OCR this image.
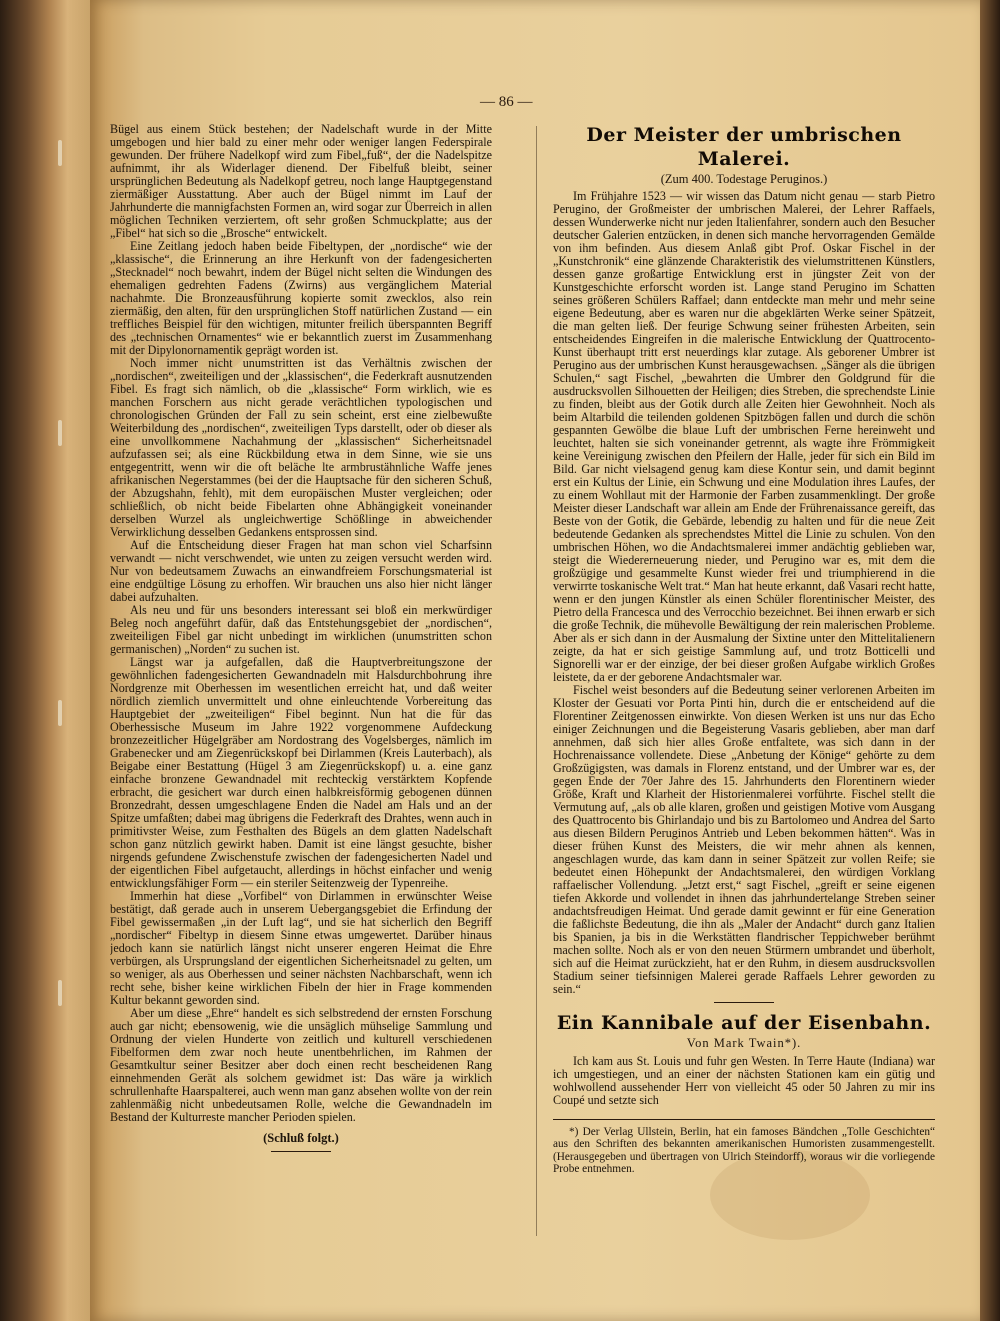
— 86 —

Bügel aus einem Stück bestehen; der Nadelschaft wurde in der Mitte umgebogen und hier bald zu einer mehr oder weniger langen Federspirale gewunden. Der frühere Nadelkopf wird zum Fibel„fuß“, der die Nadelspitze aufnimmt, ihr als Widerlager dienend. Der Fibelfuß bleibt, seiner ursprünglichen Bedeutung als Nadelkopf getreu, noch lange Hauptgegenstand ziermäßiger Ausstattung. Aber auch der Bügel nimmt im Lauf der Jahrhunderte die mannigfachsten Formen an, wird sogar zur Überreich in allen möglichen Techniken verziertem, oft sehr großen Schmuckplatte; aus der „Fibel“ hat sich so die „Brosche“ entwickelt.

Eine Zeitlang jedoch haben beide Fibeltypen, der „nordische“ wie der „klassische“, die Erinnerung an ihre Herkunft von der fadengesicherten „Stecknadel“ noch bewahrt, indem der Bügel nicht selten die Windungen des ehemaligen gedrehten Fadens (Zwirns) aus vergänglichem Material nachahmte. Die Bronzeausführung kopierte somit zwecklos, also rein ziermäßig, den alten, für den ursprünglichen Stoff natürlichen Zustand — ein treffliches Beispiel für den wichtigen, mitunter freilich überspannten Begriff des „technischen Ornamentes“ wie er bekanntlich zuerst im Zusammenhang mit der Dipylonornamentik geprägt worden ist.

Noch immer nicht unumstritten ist das Verhältnis zwischen der „nordischen“, zweiteiligen und der „klassischen“, die Federkraft ausnutzenden Fibel. Es fragt sich nämlich, ob die „klassische“ Form wirklich, wie es manchen Forschern aus nicht gerade verächtlichen typologischen und chronologischen Gründen der Fall zu sein scheint, erst eine zielbewußte Weiterbildung des „nordischen“, zweiteiligen Typs darstellt, oder ob dieser als eine unvollkommene Nachahmung der „klassischen“ Sicherheitsnadel aufzufassen sei; als eine Rückbildung etwa in dem Sinne, wie sie uns entgegentritt, wenn wir die oft beläche lte armbrustähnliche Waffe jenes afrikanischen Negerstammes (bei der die Hauptsache für den sicheren Schuß, der Abzugshahn, fehlt), mit dem europäischen Muster vergleichen; oder schließlich, ob nicht beide Fibelarten ohne Abhängigkeit voneinander derselben Wurzel als ungleichwertige Schößlinge in abweichender Verwirklichung desselben Gedankens entsprossen sind.

Auf die Entscheidung dieser Fragen hat man schon viel Scharfsinn verwandt — nicht verschwendet, wie unten zu zeigen versucht werden wird. Nur von bedeutsamem Zuwachs an einwandfreiem Forschungsmaterial ist eine endgültige Lösung zu erhoffen. Wir brauchen uns also hier nicht länger dabei aufzuhalten.

Als neu und für uns besonders interessant sei bloß ein merkwürdiger Beleg noch angeführt dafür, daß das Entstehungsgebiet der „nordischen“, zweiteiligen Fibel gar nicht unbedingt im wirklichen (unumstritten schon germanischen) „Norden“ zu suchen ist.

Längst war ja aufgefallen, daß die Hauptverbreitungszone der gewöhnlichen fadengesicherten Gewandnadeln mit Halsdurchbohrung ihre Nordgrenze mit Oberhessen im wesentlichen erreicht hat, und daß weiter nördlich ziemlich unvermittelt und ohne einleuchtende Vorbereitung das Hauptgebiet der „zweiteiligen“ Fibel beginnt. Nun hat die für das Oberhessische Museum im Jahre 1922 vorgenommene Aufdeckung bronzezeitlicher Hügelgräber am Nordostrang des Vogelsberges, nämlich im Grabenecker und am Ziegenrückskopf bei Dirlammen (Kreis Lauterbach), als Beigabe einer Bestattung (Hügel 3 am Ziegenrückskopf) u. a. eine ganz einfache bronzene Gewandnadel mit rechteckig verstärktem Kopfende erbracht, die gesichert war durch einen halbkreisförmig gebogenen dünnen Bronzedraht, dessen umgeschlagene Enden die Nadel am Hals und an der Spitze umfaßten; dabei mag übrigens die Federkraft des Drahtes, wenn auch in primitivster Weise, zum Festhalten des Bügels an dem glatten Nadelschaft schon ganz nützlich gewirkt haben. Damit ist eine längst gesuchte, bisher nirgends gefundene Zwischenstufe zwischen der fadengesicherten Nadel und der eigentlichen Fibel aufgetaucht, allerdings in höchst einfacher und wenig entwicklungsfähiger Form — ein steriler Seitenzweig der Typenreihe.

Immerhin hat diese „Vorfibel“ von Dirlammen in erwünschter Weise bestätigt, daß gerade auch in unserem Uebergangsgebiet die Erfindung der Fibel gewissermaßen „in der Luft lag“, und sie hat sicherlich den Begriff „nordischer“ Fibeltyp in diesem Sinne etwas umgewertet. Darüber hinaus jedoch kann sie natürlich längst nicht unserer engeren Heimat die Ehre verbürgen, als Ursprungsland der eigentlichen Sicherheitsnadel zu gelten, um so weniger, als aus Oberhessen und seiner nächsten Nachbarschaft, wenn ich recht sehe, bisher keine wirklichen Fibeln der hier in Frage kommenden Kultur bekannt geworden sind.

Aber um diese „Ehre“ handelt es sich selbstredend der ernsten Forschung auch gar nicht; ebensowenig, wie die unsäglich mühselige Sammlung und Ordnung der vielen Hunderte von zeitlich und kulturell verschiedenen Fibelformen dem zwar noch heute unentbehrlichen, im Rahmen der Gesamtkultur seiner Besitzer aber doch einen recht bescheidenen Rang einnehmenden Gerät als solchem gewidmet ist: Das wäre ja wirklich schrullenhafte Haarspalterei, auch wenn man ganz absehen wollte von der rein zahlenmäßig nicht unbedeutsamen Rolle, welche die Gewandnadeln im Bestand der Kulturreste mancher Perioden spielen.

(Schluß folgt.)
Der Meister der umbrischen Malerei.
(Zum 400. Todestage Peruginos.)

Im Frühjahre 1523 — wir wissen das Datum nicht genau — starb Pietro Perugino, der Großmeister der umbrischen Malerei, der Lehrer Raffaels, dessen Wunderwerke nicht nur jeden Italienfahrer, sondern auch den Besucher deutscher Galerien entzücken, in denen sich manche hervorragenden Gemälde von ihm befinden. Aus diesem Anlaß gibt Prof. Oskar Fischel in der „Kunstchronik“ eine glänzende Charakteristik des vielumstrittenen Künstlers, dessen ganze großartige Entwicklung erst in jüngster Zeit von der Kunstgeschichte erforscht worden ist. Lange stand Perugino im Schatten seines größeren Schülers Raffael; dann entdeckte man mehr und mehr seine eigene Bedeutung, aber es waren nur die abgeklärten Werke seiner Spätzeit, die man gelten ließ. Der feurige Schwung seiner frühesten Arbeiten, sein entscheidendes Eingreifen in die malerische Entwicklung der Quattrocento-Kunst überhaupt tritt erst neuerdings klar zutage. Als geborener Umbrer ist Perugino aus der umbrischen Kunst herausgewachsen. „Sänger als die übrigen Schulen,“ sagt Fischel, „bewahrten die Umbrer den Goldgrund für die ausdrucksvollen Silhouetten der Heiligen; dies Streben, die sprechendste Linie zu finden, bleibt aus der Gotik durch alle Zeiten hier Gewohnheit. Noch als beim Altarbild die teilenden goldenen Spitzbögen fallen und durch die schön gespannten Gewölbe die blaue Luft der umbrischen Ferne hereinweht und leuchtet, halten sie sich voneinander getrennt, als wagte ihre Frömmigkeit keine Vereinigung zwischen den Pfeilern der Halle, jeder für sich ein Bild im Bild. Gar nicht vielsagend genug kam diese Kontur sein, und damit beginnt erst ein Kultus der Linie, ein Schwung und eine Modulation ihres Laufes, der zu einem Wohllaut mit der Harmonie der Farben zusammenklingt. Der große Meister dieser Landschaft war allein am Ende der Frührenaissance gereift, das Beste von der Gotik, die Gebärde, lebendig zu halten und für die neue Zeit bedeutende Gedanken als sprechendstes Mittel die Linie zu schulen. Von den umbrischen Höhen, wo die Andachtsmalerei immer andächtig geblieben war, steigt die Wiedererneuerung nieder, und Perugino war es, mit dem die großzügige und gesammelte Kunst wieder frei und triumphierend in die verwirrte toskanische Welt trat.“ Man hat heute erkannt, daß Vasari recht hatte, wenn er den jungen Künstler als einen Schüler florentinischer Meister, des Pietro della Francesca und des Verrocchio bezeichnet. Bei ihnen erwarb er sich die große Technik, die mühevolle Bewältigung der rein malerischen Probleme. Aber als er sich dann in der Ausmalung der Sixtine unter den Mittelitalienern zeigte, da hat er sich geistige Sammlung auf, und trotz Botticelli und Signorelli war er der einzige, der bei dieser großen Aufgabe wirklich Großes leistete, da er der geborene Andachtsmaler war.

Fischel weist besonders auf die Bedeutung seiner verlorenen Arbeiten im Kloster der Gesuati vor Porta Pinti hin, durch die er entscheidend auf die Florentiner Zeitgenossen einwirkte. Von diesen Werken ist uns nur das Echo einiger Zeichnungen und die Begeisterung Vasaris geblieben, aber man darf annehmen, daß sich hier alles Große entfaltete, was sich dann in der Hochrenaissance vollendete. Diese „Anbetung der Könige“ gehörte zu dem Großzügigsten, was damals in Florenz entstand, und der Umbrer war es, der gegen Ende der 70er Jahre des 15. Jahrhunderts den Florentinern wieder Größe, Kraft und Klarheit der Historienmalerei vorführte. Fischel stellt die Vermutung auf, „als ob alle klaren, großen und geistigen Motive vom Ausgang des Quattrocento bis Ghirlandajo und bis zu Bartolomeo und Andrea del Sarto aus diesen Bildern Peruginos Antrieb und Leben bekommen hätten“. Was in dieser frühen Kunst des Meisters, die wir mehr ahnen als kennen, angeschlagen wurde, das kam dann in seiner Spätzeit zur vollen Reife; sie bedeutet einen Höhepunkt der Andachtsmalerei, den würdigen Vorklang raffaelischer Vollendung. „Jetzt erst,“ sagt Fischel, „greift er seine eigenen tiefen Akkorde und vollendet in ihnen das jahrhundertelange Streben seiner andachtsfreudigen Heimat. Und gerade damit gewinnt er für eine Generation die faßlichste Bedeutung, die ihn als „Maler der Andacht“ durch ganz Italien bis Spanien, ja bis in die Werkstätten flandrischer Teppichweber berühmt machen sollte. Noch als er von den neuen Stürmern umbrandet und überholt, sich auf die Heimat zurückzieht, hat er den Ruhm, in diesem ausdrucksvollen Stadium seiner tiefsinnigen Malerei gerade Raffaels Lehrer geworden zu sein.“

Ein Kannibale auf der Eisenbahn.
Von Mark Twain*).

Ich kam aus St. Louis und fuhr gen Westen. In Terre Haute (Indiana) war ich umgestiegen, und an einer der nächsten Stationen kam ein gütig und wohlwollend aussehender Herr von vielleicht 45 oder 50 Jahren zu mir ins Coupé und setzte sich

*) Der Verlag Ullstein, Berlin, hat ein famoses Bändchen „Tolle Geschichten“ aus den Schriften des bekannten amerikanischen Humoristen zusammengestellt. (Herausgegeben und übertragen von Ulrich Steindorff), woraus wir die vorliegende Probe entnehmen.
